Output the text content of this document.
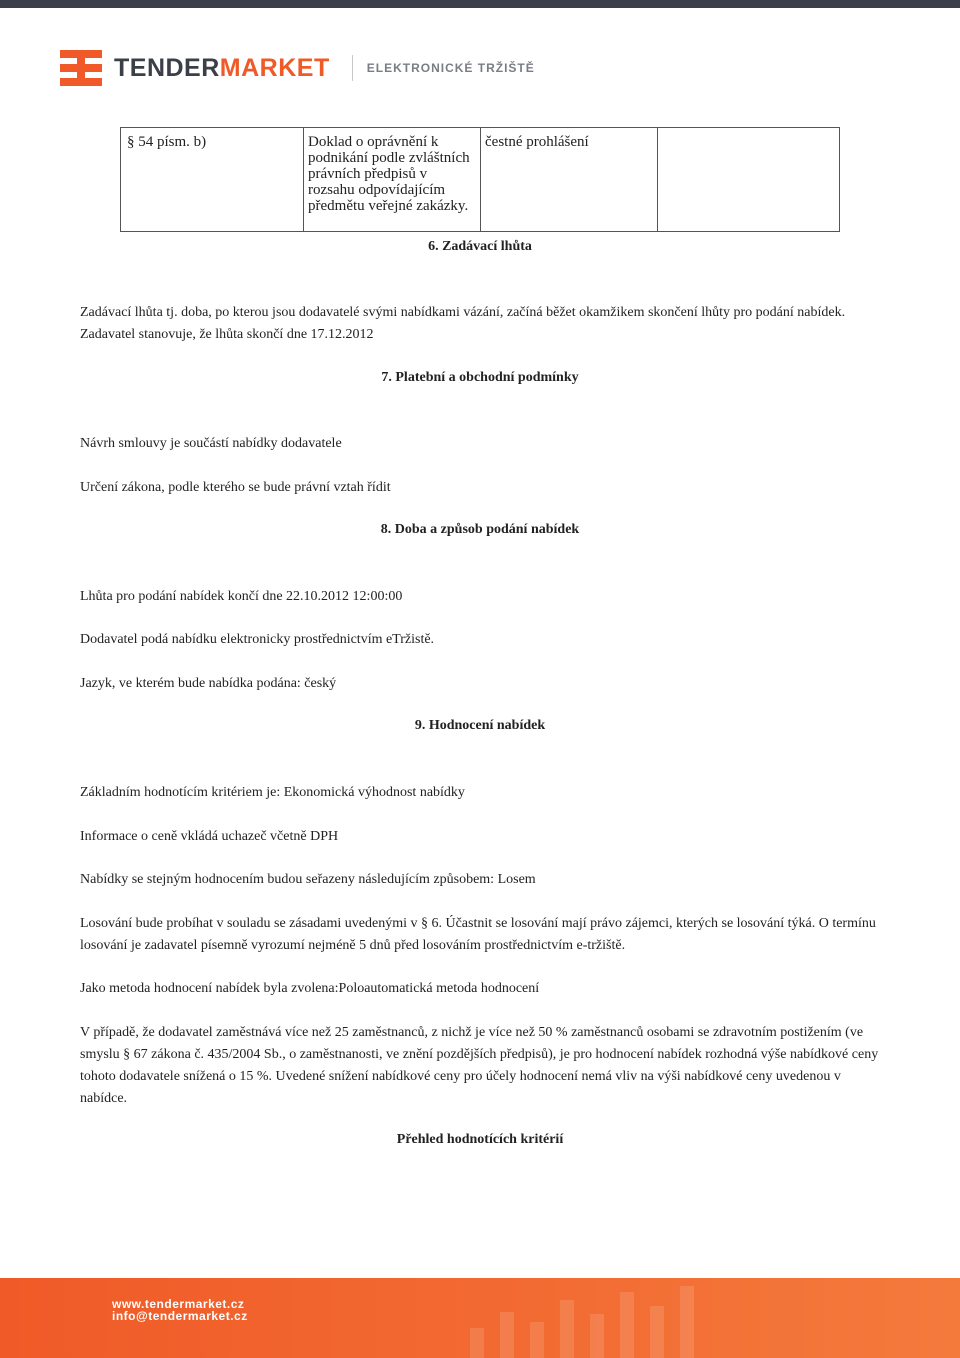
TENDERMARKET	ELEKTRONICKÉ TRŽIŠTĚ
§ 54 písm. b)	Doklad o oprávnění k podnikání podle zvláštních právních předpisů v rozsahu odpovídajícím předmětu veřejné zakázky.	čestné prohlášení	
6. Zadávací lhůta
Zadávací lhůta tj. doba, po kterou jsou dodavatelé svými nabídkami vázání, začíná běžet okamžikem skončení lhůty pro podání nabídek.
Zadavatel stanovuje, že lhůta skončí dne 17.12.2012
7. Platební a obchodní podmínky
Návrh smlouvy je součástí nabídky dodavatele
Určení zákona, podle kterého se bude právní vztah řídit
8. Doba a způsob podání nabídek
Lhůta pro podání nabídek končí dne 22.10.2012 12:00:00
Dodavatel podá nabídku elektronicky prostřednictvím eTržistě.
Jazyk, ve kterém bude nabídka podána: český
9. Hodnocení nabídek
Základním hodnotícím kritériem je: Ekonomická výhodnost nabídky
Informace o ceně vkládá uchazeč včetně DPH
Nabídky se stejným hodnocením budou seřazeny následujícím způsobem: Losem
Losování bude probíhat v souladu se zásadami uvedenými v § 6. Účastnit se losování mají právo zájemci, kterých se losování týká. O termínu losování je zadavatel písemně vyrozumí nejméně 5 dnů před losováním prostřednictvím e-tržiště.
Jako metoda hodnocení nabídek byla zvolena:Poloautomatická metoda hodnocení
V případě, že dodavatel zaměstnává více než 25 zaměstnanců, z nichž je více než 50 % zaměstnanců osobami se zdravotním postižením (ve smyslu § 67 zákona č. 435/2004 Sb., o zaměstnanosti, ve znění pozdějších předpisů), je pro hodnocení nabídek rozhodná výše nabídkové ceny tohoto dodavatele snížená o 15 %. Uvedené snížení nabídkové ceny pro účely hodnocení nemá vliv na výši nabídkové ceny uvedenou v nabídce.
Přehled hodnotících kritérií
www.tendermarket.cz
info@tendermarket.cz
